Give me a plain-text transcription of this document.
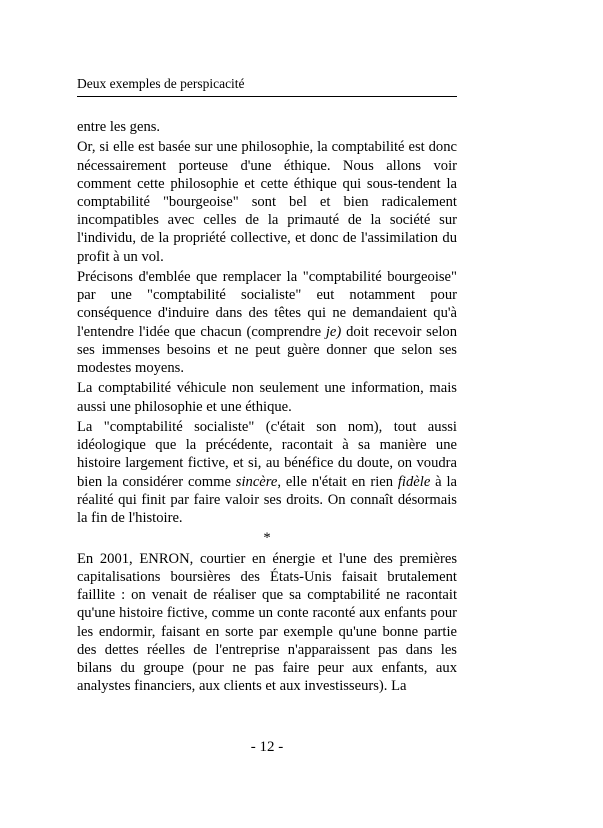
Deux exemples de perspicacité

entre les gens.

Or, si elle est basée sur une philosophie, la comptabilité est donc nécessairement porteuse d'une éthique. Nous allons voir comment cette philosophie et cette éthique qui sous-tendent la comptabilité "bourgeoise" sont bel et bien radicalement incompatibles avec celles de la primauté de la société sur l'individu, de la propriété collective, et donc de l'assimilation du profit à un vol.

Précisons d'emblée que remplacer la "comptabilité bourgeoise" par une "comptabilité socialiste" eut notamment pour conséquence d'induire dans des têtes qui ne demandaient qu'à l'entendre l'idée que chacun (comprendre je) doit recevoir selon ses immenses besoins et ne peut guère donner que selon ses modestes moyens.

La comptabilité véhicule non seulement une information, mais aussi une philosophie et une éthique.

La "comptabilité socialiste" (c'était son nom), tout aussi idéologique que la précédente, racontait à sa manière une histoire largement fictive, et si, au bénéfice du doute, on voudra bien la considérer comme sincère, elle n'était en rien fidèle à la réalité qui finit par faire valoir ses droits. On connaît désormais la fin de l'histoire.

*

En 2001, ENRON, courtier en énergie et l'une des premières capitalisations boursières des États-Unis faisait brutalement faillite : on venait de réaliser que sa comptabilité ne racontait qu'une histoire fictive, comme un conte raconté aux enfants pour les endormir, faisant en sorte par exemple qu'une bonne partie des dettes réelles de l'entreprise n'apparaissent pas dans les bilans du groupe (pour ne pas faire peur aux enfants, aux analystes financiers, aux clients et aux investisseurs). La

- 12 -
